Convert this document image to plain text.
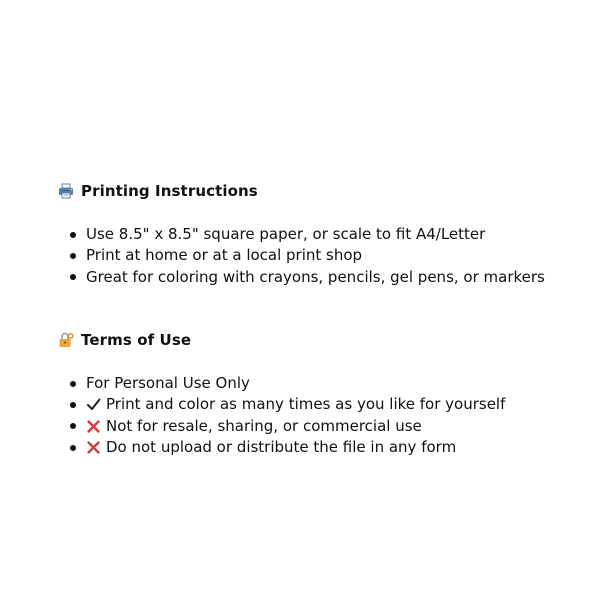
Printing Instructions
Use 8.5" x 8.5" square paper, or scale to fit A4/Letter
Print at home or at a local print shop
Great for coloring with crayons, pencils, gel pens, or markers
Terms of Use
For Personal Use Only
Print and color as many times as you like for yourself
Not for resale, sharing, or commercial use
Do not upload or distribute the file in any form
